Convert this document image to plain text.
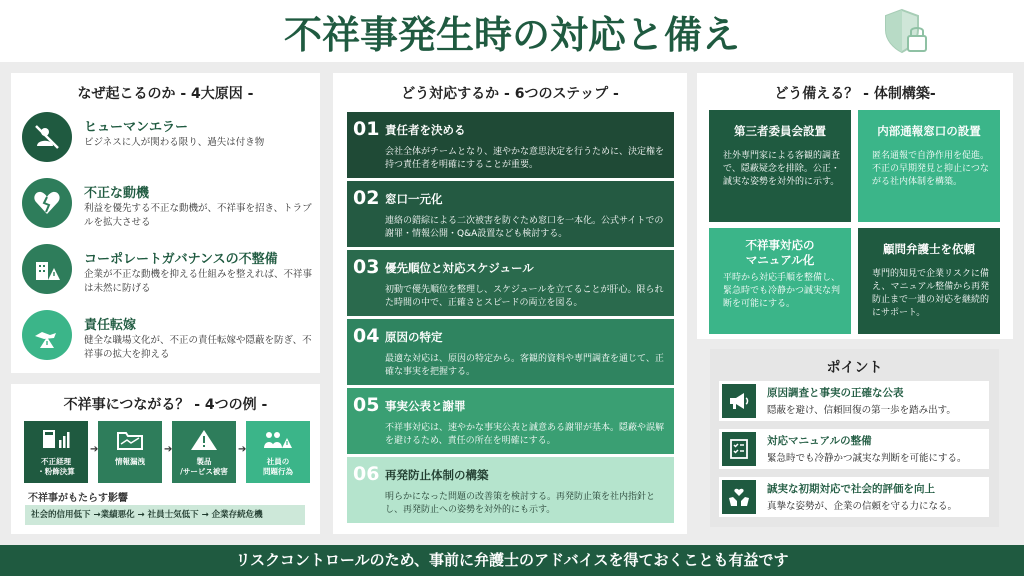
不祥事発生時の対応と備え
なぜ起こるのか - 4大原因 -
ヒューマンエラー
ビジネスに人が関わる限り、過失は付き物
不正な動機
利益を優先する不正な動機が、不祥事を招き、トラブルを拡大させる
コーポレートガバナンスの不整備
企業が不正な動機を抑える仕組みを整えれば、不祥事は未然に防げる
責任転嫁
健全な職場文化が、不正の責任転嫁や隠蔽を防ぎ、不祥事の拡大を抑える
不祥事につながる？ - 4つの例 -
不正経理
・粉飾決算
➔
情報漏洩
➔
製品
/サービス被害
➔
社員の
問題行為
不祥事がもたらす影響
社会的信用低下 →業績悪化 → 社員士気低下 → 企業存続危機
どう対応するか - 6つのステップ -
01 責任者を決める
会社全体がチームとなり、速やかな意思決定を行うために、決定権を持つ責任者を明確にすることが重要。
02 窓口一元化
連絡の錯綜による二次被害を防ぐため窓口を一本化。公式サイトでの謝罪・情報公開・Q&A設置なども検討する。
03 優先順位と対応スケジュール
初動で優先順位を整理し、スケジュールを立てることが肝心。限られた時間の中で、正確さとスピードの両立を図る。
04 原因の特定
最適な対応は、原因の特定から。客観的資料や専門調査を通じて、正確な事実を把握する。
05 事実公表と謝罪
不祥事対応は、速やかな事実公表と誠意ある謝罪が基本。隠蔽や誤解を避けるため、責任の所在を明確にする。
06 再発防止体制の構築
明らかになった問題の改善策を検討する。再発防止策を社内指針とし、再発防止への姿勢を対外的にも示す。
どう備える？ - 体制構築-
第三者委員会設置
社外専門家による客観的調査で、隠蔽疑念を排除。公正・誠実な姿勢を対外的に示す。
内部通報窓口の設置
匿名通報で自浄作用を促進。不正の早期発見と抑止につながる社内体制を構築。
不祥事対応の
マニュアル化
平時から対応手順を整備し、緊急時でも冷静かつ誠実な判断を可能にする。
顧問弁護士を依頼
専門的知見で企業リスクに備え、マニュアル整備から再発防止まで一連の対応を継続的にサポート。
ポイント
原因調査と事実の正確な公表
隠蔽を避け、信頼回復の第一歩を踏み出す。
対応マニュアルの整備
緊急時でも冷静かつ誠実な判断を可能にする。
誠実な初期対応で社会的評価を向上
真摯な姿勢が、企業の信頼を守る力になる。
リスクコントロールのため、事前に弁護士のアドバイスを得ておくことも有益です
